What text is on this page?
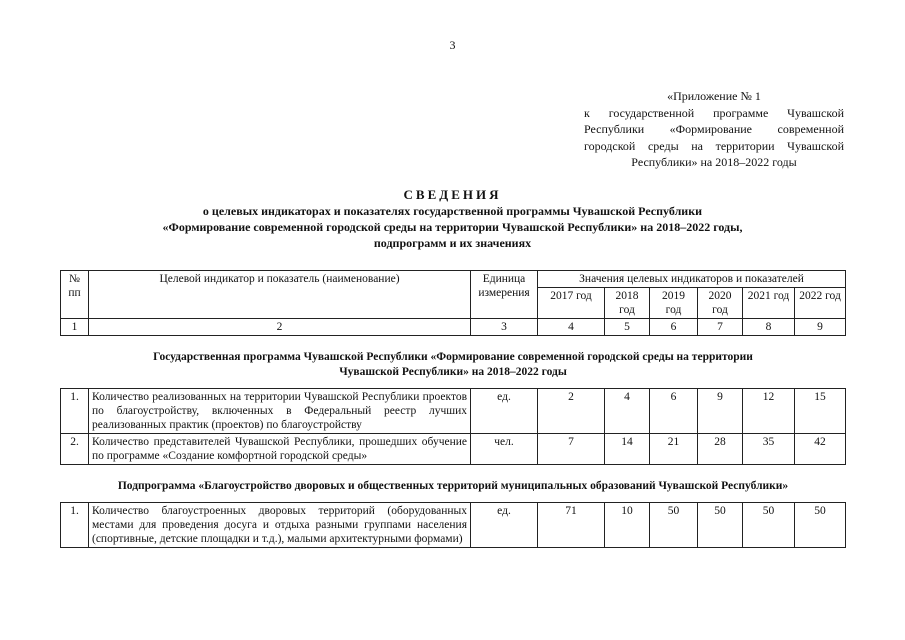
3
«Приложение № 1
к государственной программе Чувашской
Республики «Формирование современной
городской среды на территории Чувашской
Республики» на 2018–2022 годы
СВЕДЕНИЯ
о целевых индикаторах и показателях государственной программы Чувашской Республики
«Формирование современной городской среды на территории Чувашской Республики» на 2018–2022 годы,
подпрограмм и их значениях
№ пп	Целевой индикатор и показатель (наименование)	Единица измерения	Значения целевых индикаторов и показателей					
			2017 год	2018 год	2019 год	2020 год	2021 год	2022 год
1	2	3	4	5	6	7	8	9
Государственная программа Чувашской Республики «Формирование современной городской среды на территории Чувашской Республики» на 2018–2022 годы								
1.	Количество реализованных на территории Чувашской Республики проектов по благоустройству, включенных в Федеральный реестр лучших реализованных практик (проектов) по благоустройству	ед.	2	4	6	9	12	15
2.	Количество представителей Чувашской Республики, прошедших обучение по программе «Создание комфортной городской среды»	чел.	7	14	21	28	35	42
Подпрограмма «Благоустройство дворовых и общественных территорий муниципальных образований Чувашской Республики»								
1.	Количество благоустроенных дворовых территорий (оборудованных местами для проведения досуга и отдыха разными группами населения (спортивные, детские площадки и т.д.), малыми архитектурными формами)	ед.	71	10	50	50	50	50
